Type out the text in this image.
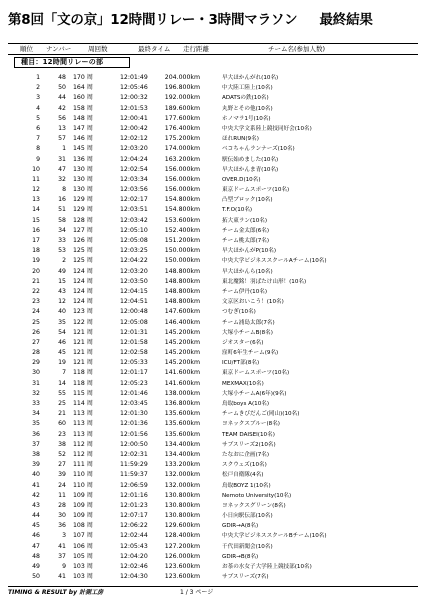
第8回「文の京」12時間リレー・3時間マラソン 最終結果
順位 ナンバー	周回数	最終タイム 走行距離	チーム名(参加人数)
種目：12時間リレーの部
1	48 170 周	12:01:49	204.000km	早大ほかんがれ(10名)
2	50 164 周	12:05:46	196.800km	中大陸工陸上(10名)
3	44 160 周	12:00:32	192.000km	ADATSの鉄(10名)
4	42 158 周	12:01:53	189.600km	丸野とその他(10名)
5	56 148 周	12:00:41	177.600km	ホノマラ1号(10名)
6	13 147 周	12:00:42	176.400km	中央大学文系陸上競技同好会(10名)
7	57 146 周	12:02:12	175.200km	ほれRUN(9名)
8	1 145 周	12:03:20	174.000km	ベコちゃんランナーズ(10名)
9	31 136 周	12:04:24	163.200km	駅伝始めました(10名)
10	47 130 周	12:02:54	156.000km	早大ほかんま青(10名)
11	32 130 周	12:03:34	156.000km	OVER.D(10名)
12	8 130 周	12:03:56	156.000km	東京ドームスポーツ(10名)
13	16 129 周	12:02:17	154.800km	凸型ブロック(10名)
14	51 129 周	12:03:51	154.800km	T.F.O(10名)
15	58 128 周	12:03:42	153.600km	拓大東ラン(10名)
16	34 127 周	12:05:10	152.400km	チーム金太郎(6名)
17	33 126 周	12:05:08	151.200km	チーム桃太郎(7名)
18	53 125 周	12:03:25	150.000km	早大ほかんがP(10名)
19	2 125 周	12:04:22	150.000km	中央大学ビジネススクールAチーム(10名)
20	49 124 周	12:03:20	148.800km	早大ほかんら(10名)
21	15 124 周	12:03:50	148.800km	東北魔銘！羽ばたけ山形！(10名)
22	43 124 周	12:04:15	148.800km	チーム伊丹(10名)
23	12 124 周	12:04:51	148.800km	文京区おいこう！(10名)
24	40 123 周	12:00:48	147.600km	つむぎ(10名)
25	35 122 周	12:05:08	146.400km	チーム浦島太郎(7名)
26	54 121 周	12:01:31	145.200km	大塚小チームB(8名)
27	46 121 周	12:01:58	145.200km	ジオスター(6名)
28	45 121 周	12:02:58	145.200km	窪町6年生チーム(9名)
29	19 121 周	12:05:33	145.200km	ICU/FT部(8名)
30	7 118 周	12:01:17	141.600km	東京ドームスポーツ(10名)
31	14 118 周	12:05:23	141.600km	MEXMAX(10名)
32	55 115 周	12:01:46	138.000km	大塚小チームA(6年)(9名)
33	25 114 周	12:03:45	136.800km	鳥取boys A(10名)
34	21 113 周	12:01:30	135.600km	チームきびだんご(岡山)(10名)
35	60 113 周	12:01:36	135.600km	ヨネックスブルー(8名)
36	23 113 周	12:01:56	135.600km	TEAM DAISEI(10名)
37	38 112 周	12:00:50	134.400km	サブスリーズ2(10名)
38	52 112 周	12:02:31	134.400km	たなおに企画(7名)
39	27 111 周	11:59:29	133.200km	スクウェズ(10名)
40	39 110 周	11:59:37	132.000km	松戸自衛隊(4名)
41	24 110 周	12:06:59	132.000km	鳥取BOYZ 1(10名)
42	11 109 周	12:01:16	130.800km	Nemoto University(10名)
43	28 109 周	12:01:23	130.800km	ヨネックスグリーン(8名)
44	30 109 周	12:07:17	130.800km	小日向駅伝部(10名)
45	36 108 周	12:06:22	129.600km	GDIR→A(8名)
46	3 107 周	12:02:44	128.400km	中央大学ビジネススクールBチーム(10名)
47	41 106 周	12:05:43	127.200km	千代田新聞会(10名)
48	37 105 周	12:04:20	126.000km	GDIR→B(8名)
49	9 103 周	12:02:46	123.600km	お茶の水女子大学陸上競技部(10名)
50	41 103 周	12:04:30	123.600km	サブスリーズ(7名)
TIMING & RESULT by 計測工房	1 / 3 ページ
